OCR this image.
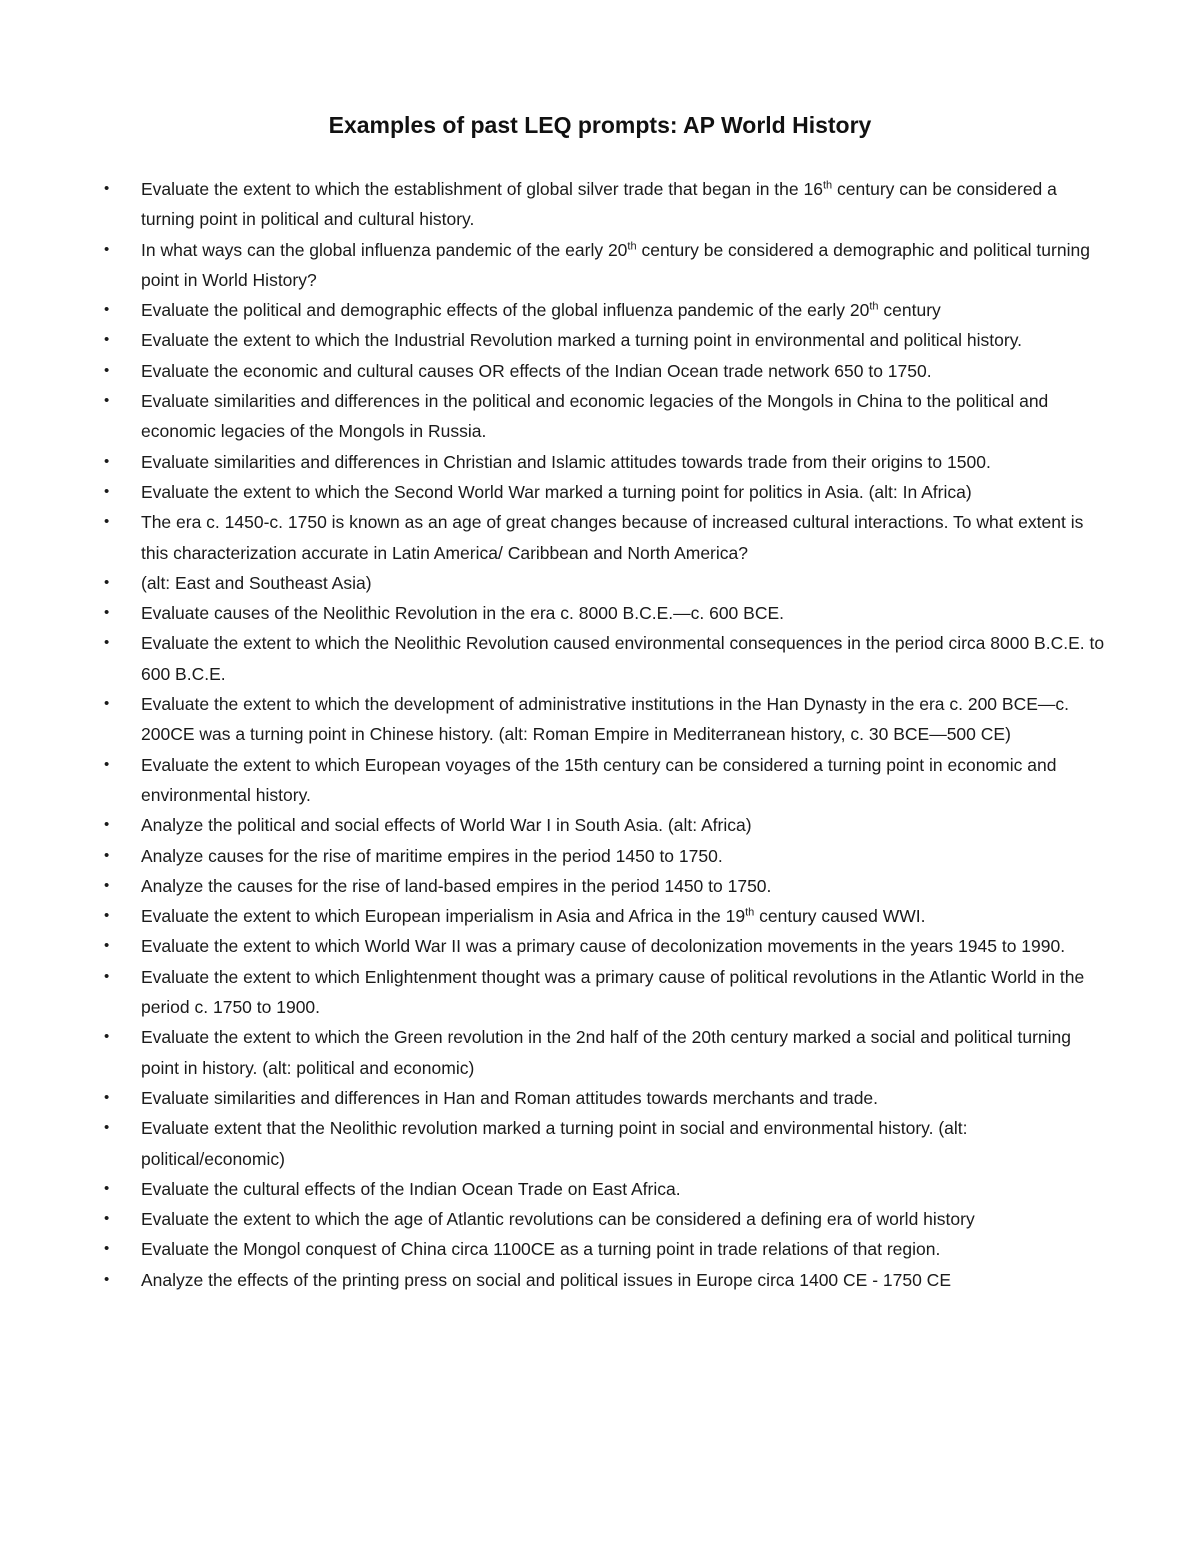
Examples of past LEQ prompts: AP World History
• Evaluate the extent to which the establishment of global silver trade that began in the 16th century can be considered a turning point in political and cultural history.
• In what ways can the global influenza pandemic of the early 20th century be considered a demographic and political turning point in World History?
• Evaluate the political and demographic effects of the global influenza pandemic of the early 20th century
• Evaluate the extent to which the Industrial Revolution marked a turning point in environmental and political history.
• Evaluate the economic and cultural causes OR effects of the Indian Ocean trade network 650 to 1750.
• Evaluate similarities and differences in the political and economic legacies of the Mongols in China to the political and economic legacies of the Mongols in Russia.
• Evaluate similarities and differences in Christian and Islamic attitudes towards trade from their origins to 1500.
• Evaluate the extent to which the Second World War marked a turning point for politics in Asia. (alt: In Africa)
• The era c. 1450-c. 1750 is known as an age of great changes because of increased cultural interactions. To what extent is this characterization accurate in Latin America/ Caribbean and North America?
• (alt: East and Southeast Asia)
• Evaluate causes of the Neolithic Revolution in the era c. 8000 B.C.E.—c. 600 BCE.
• Evaluate the extent to which the Neolithic Revolution caused environmental consequences in the period circa 8000 B.C.E. to 600 B.C.E.
• Evaluate the extent to which the development of administrative institutions in the Han Dynasty in the era c. 200 BCE—c. 200CE was a turning point in Chinese history. (alt: Roman Empire in Mediterranean history, c. 30 BCE—500 CE)
• Evaluate the extent to which European voyages of the 15th century can be considered a turning point in economic and environmental history.
• Analyze the political and social effects of World War I in South Asia. (alt: Africa)
• Analyze causes for the rise of maritime empires in the period 1450 to 1750.
• Analyze the causes for the rise of land-based empires in the period 1450 to 1750.
• Evaluate the extent to which European imperialism in Asia and Africa in the 19th century caused WWI.
• Evaluate the extent to which World War II was a primary cause of decolonization movements in the years 1945 to 1990.
• Evaluate the extent to which Enlightenment thought was a primary cause of political revolutions in the Atlantic World in the period c. 1750 to 1900.
• Evaluate the extent to which the Green revolution in the 2nd half of the 20th century marked a social and political turning point in history. (alt: political and economic)
• Evaluate similarities and differences in Han and Roman attitudes towards merchants and trade.
• Evaluate extent that the Neolithic revolution marked a turning point in social and environmental history. (alt: political/economic)
• Evaluate the cultural effects of the Indian Ocean Trade on East Africa.
• Evaluate the extent to which the age of Atlantic revolutions can be considered a defining era of world history
• Evaluate the Mongol conquest of China circa 1100CE as a turning point in trade relations of that region.
• Analyze the effects of the printing press on social and political issues in Europe circa 1400 CE - 1750 CE
